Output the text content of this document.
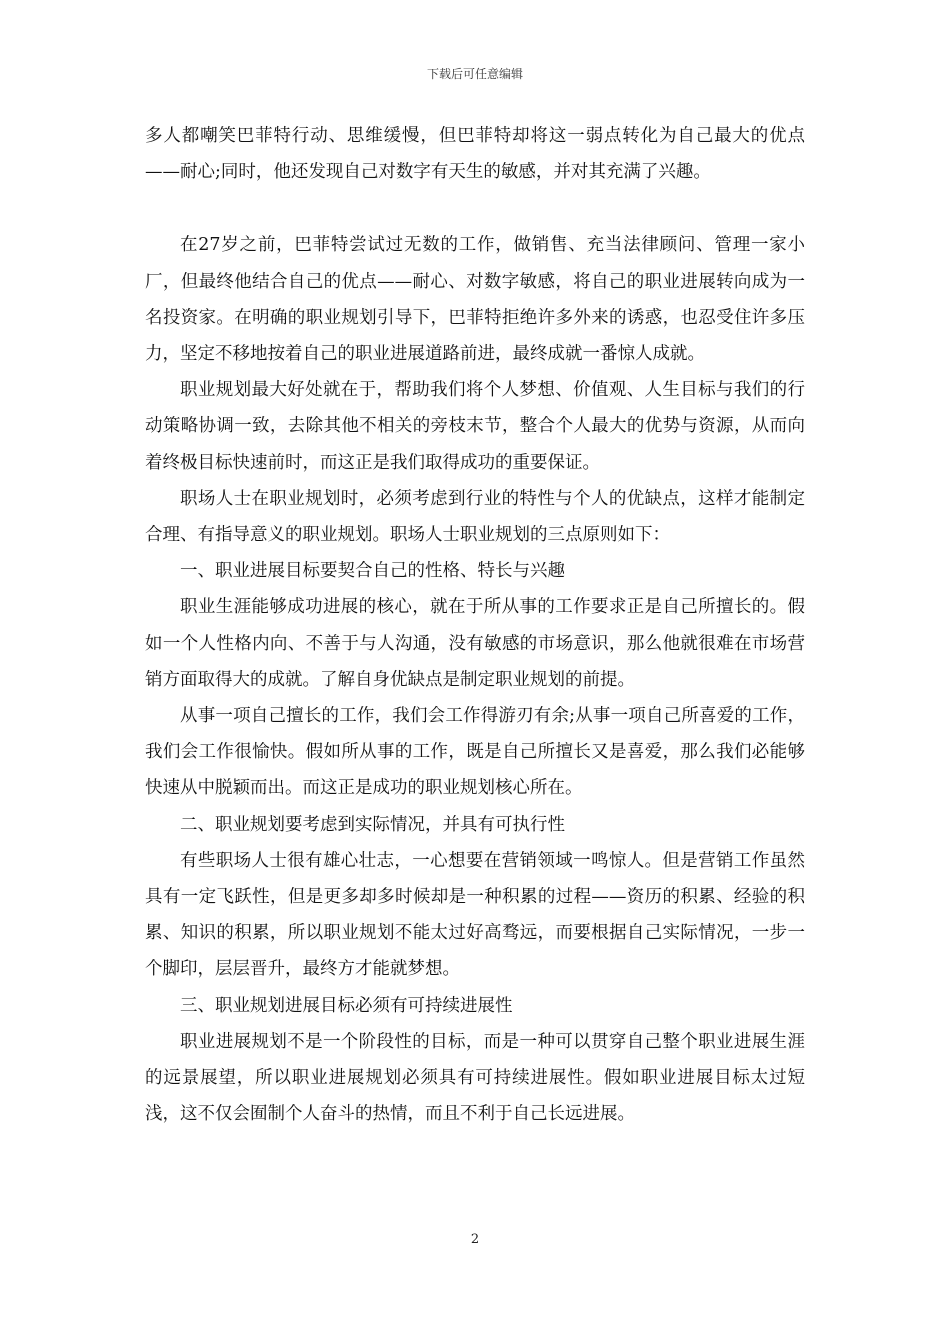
下载后可任意编辑

多人都嘲笑巴菲特行动、思维缓慢，但巴菲特却将这一弱点转化为自己最大的优点——耐心;同时，他还发现自己对数字有天生的敏感，并对其充满了兴趣。

在27岁之前，巴菲特尝试过无数的工作，做销售、充当法律顾问、管理一家小厂，但最终他结合自己的优点——耐心、对数字敏感，将自己的职业进展转向成为一名投资家。在明确的职业规划引导下，巴菲特拒绝许多外来的诱惑，也忍受住许多压力，坚定不移地按着自己的职业进展道路前进，最终成就一番惊人成就。

职业规划最大好处就在于，帮助我们将个人梦想、价值观、人生目标与我们的行动策略协调一致，去除其他不相关的旁枝末节，整合个人最大的优势与资源，从而向着终极目标快速前时，而这正是我们取得成功的重要保证。

职场人士在职业规划时，必须考虑到行业的特性与个人的优缺点，这样才能制定合理、有指导意义的职业规划。职场人士职业规划的三点原则如下：

一、职业进展目标要契合自己的性格、特长与兴趣

职业生涯能够成功进展的核心，就在于所从事的工作要求正是自己所擅长的。假如一个人性格内向、不善于与人沟通，没有敏感的市场意识，那么他就很难在市场营销方面取得大的成就。了解自身优缺点是制定职业规划的前提。

从事一项自己擅长的工作，我们会工作得游刃有余;从事一项自己所喜爱的工作，我们会工作很愉快。假如所从事的工作，既是自己所擅长又是喜爱，那么我们必能够快速从中脱颖而出。而这正是成功的职业规划核心所在。

二、职业规划要考虑到实际情况，并具有可执行性

有些职场人士很有雄心壮志，一心想要在营销领域一鸣惊人。但是营销工作虽然具有一定飞跃性，但是更多却多时候却是一种积累的过程——资历的积累、经验的积累、知识的积累，所以职业规划不能太过好高骛远，而要根据自己实际情况，一步一个脚印，层层晋升，最终方才能就梦想。

三、职业规划进展目标必须有可持续进展性

职业进展规划不是一个阶段性的目标，而是一种可以贯穿自己整个职业进展生涯的远景展望，所以职业进展规划必须具有可持续进展性。假如职业进展目标太过短浅，这不仅会囿制个人奋斗的热情，而且不利于自己长远进展。

2
